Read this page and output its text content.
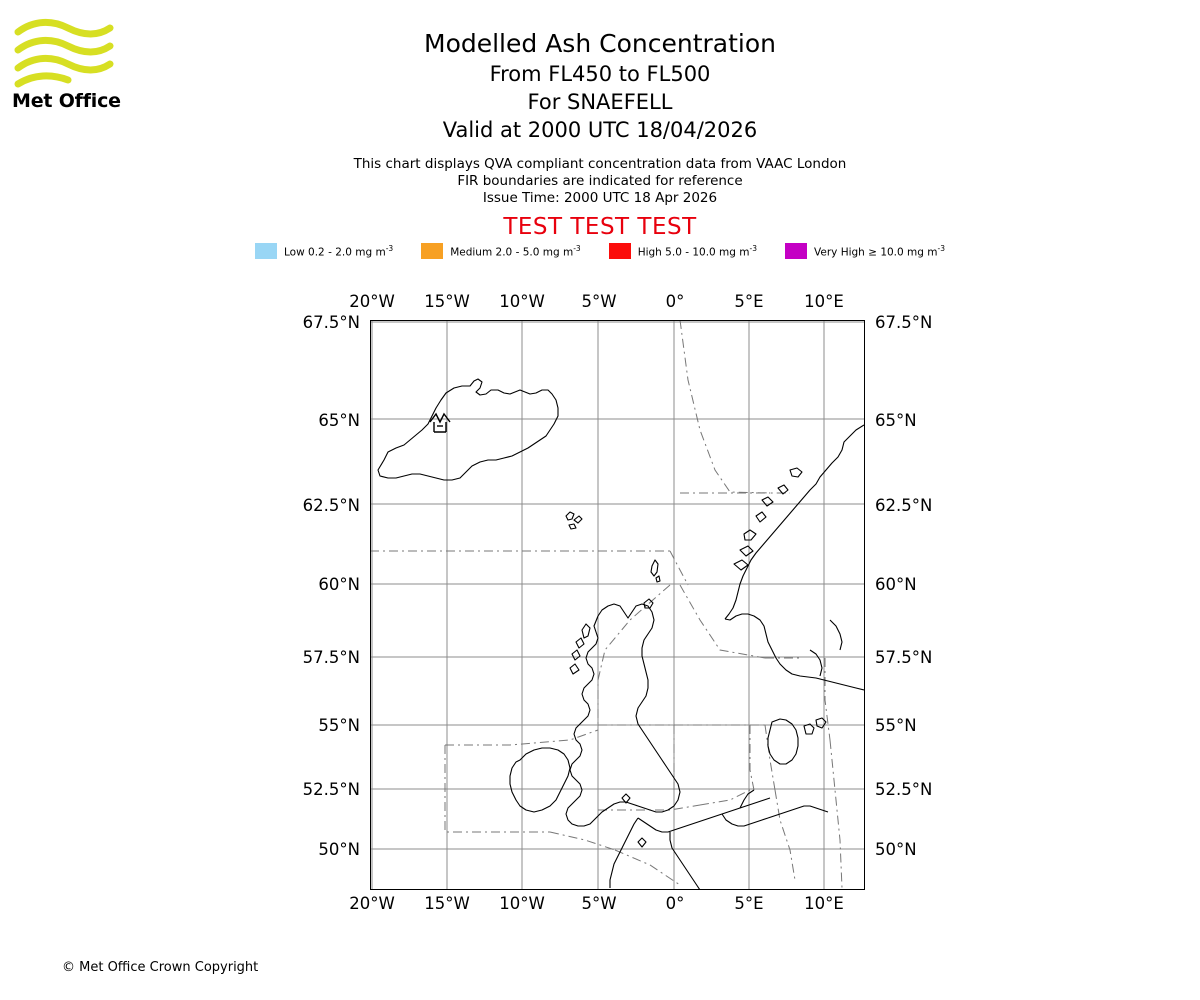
Met Office
Modelled Ash Concentration
From FL450 to FL500
For SNAEFELL
Valid at 2000 UTC 18/04/2026
This chart displays QVA compliant concentration data from VAAC London
FIR boundaries are indicated for reference
Issue Time: 2000 UTC 18 Apr 2026
TEST TEST TEST
Low 0.2 - 2.0 mg $m^{-3}$	Medium 2.0 - 5.0 mg $m^{-3}$	High 5.0 - 10.0 mg $m^{-3}$	Very High ≥ 10.0 mg $m^{-3}$
20°W	15°W	10°W	5°W	0°	5°E	10°E
20°W	15°W	10°W	5°W	0°	5°E	10°E
67.5°N
65°N
62.5°N
60°N
57.5°N
55°N
52.5°N
50°N
67.5°N
65°N
62.5°N
60°N
57.5°N
55°N
52.5°N
50°N
© Met Office Crown Copyright
